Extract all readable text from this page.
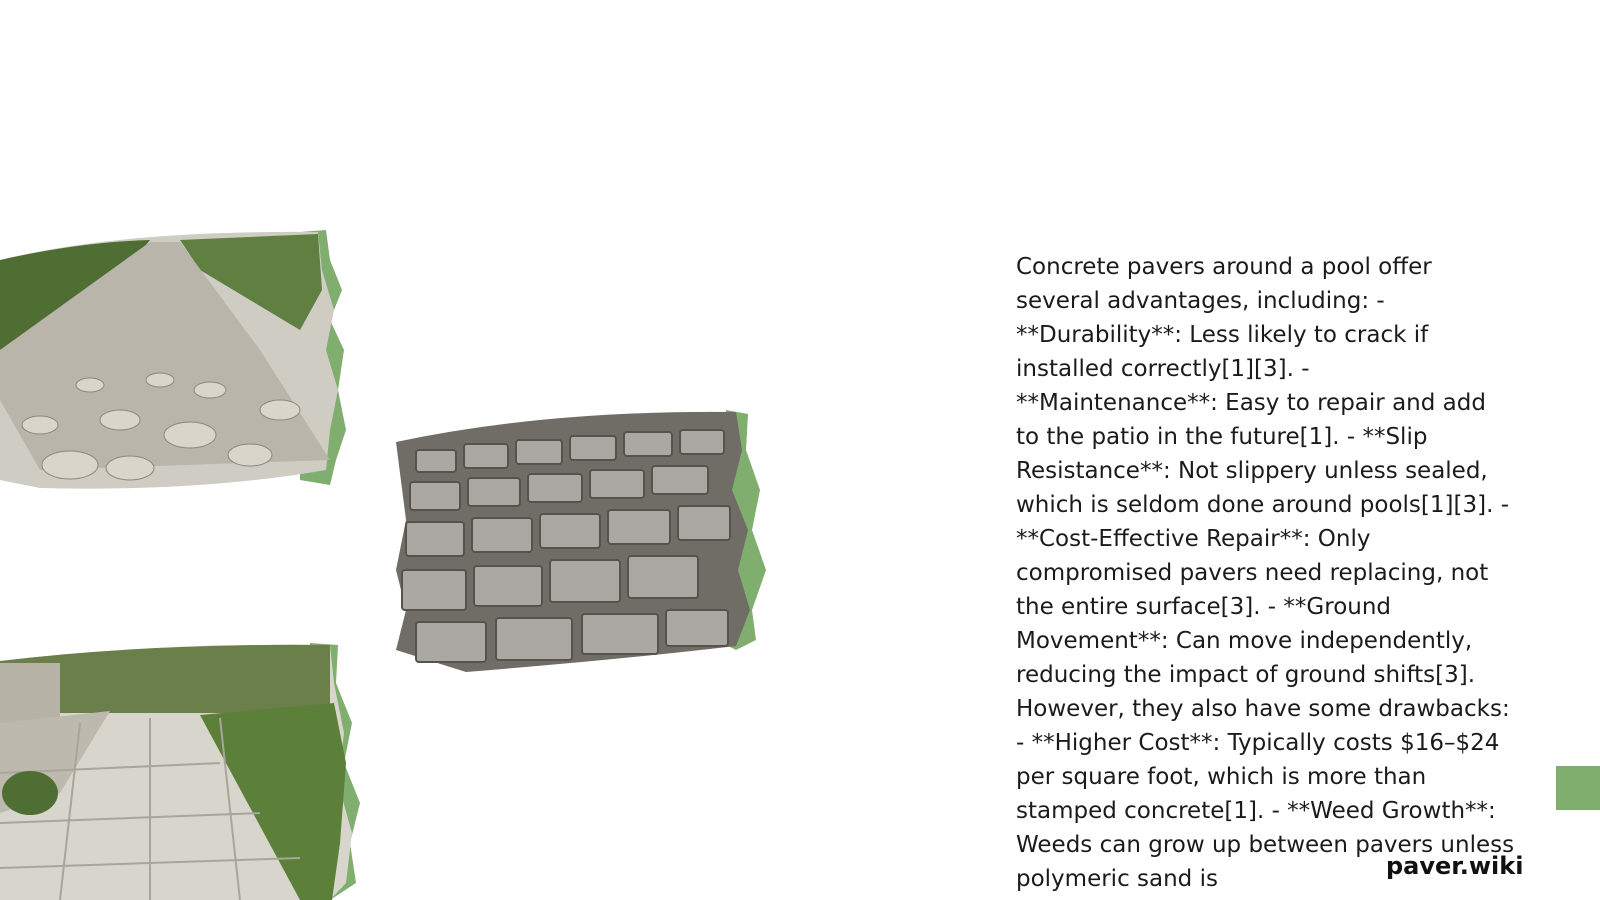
Concrete pavers around a pool offer several advantages, including: - **Durability**: Less likely to crack if installed correctly[1][3]. - **Maintenance**: Easy to repair and add to the patio in the future[1]. - **Slip Resistance**: Not slippery unless sealed, which is seldom done around pools[1][3]. - **Cost-Effective Repair**: Only compromised pavers need replacing, not the entire surface[3]. - **Ground Movement**: Can move independently, reducing the impact of ground shifts[3]. However, they also have some drawbacks: - **Higher Cost**: Typically costs $16–$24 per square foot, which is more than stamped concrete[1]. - **Weed Growth**: Weeds can grow up between pavers unless polymeric sand is	paver.wiki
